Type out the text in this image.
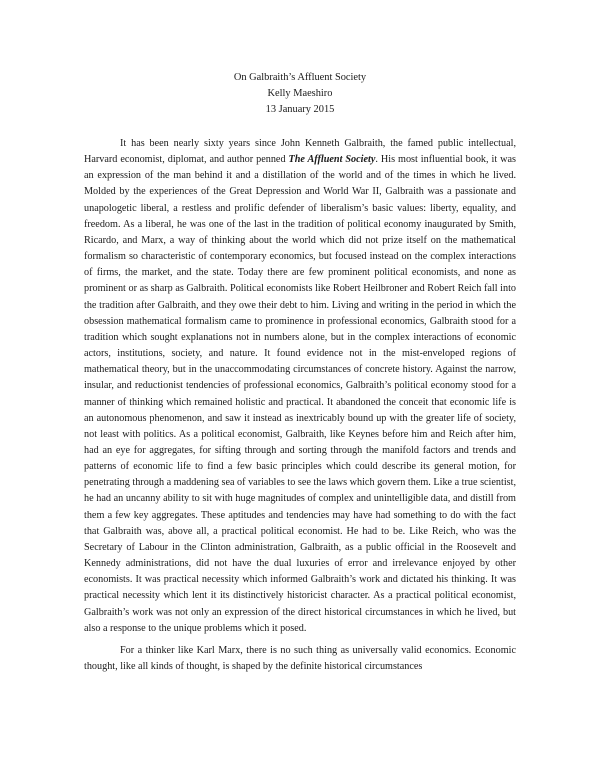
On Galbraith’s Affluent Society
Kelly Maeshiro
13 January 2015

It has been nearly sixty years since John Kenneth Galbraith, the famed public intellectual, Harvard economist, diplomat, and author penned The Affluent Society. His most influential book, it was an expression of the man behind it and a distillation of the world and of the times in which he lived. Molded by the experiences of the Great Depression and World War II, Galbraith was a passionate and unapologetic liberal, a restless and prolific defender of liberalism’s basic values: liberty, equality, and freedom. As a liberal, he was one of the last in the tradition of political economy inaugurated by Smith, Ricardo, and Marx, a way of thinking about the world which did not prize itself on the mathematical formalism so characteristic of contemporary economics, but focused instead on the complex interactions of firms, the market, and the state. Today there are few prominent political economists, and none as prominent or as sharp as Galbraith. Political economists like Robert Heilbroner and Robert Reich fall into the tradition after Galbraith, and they owe their debt to him. Living and writing in the period in which the obsession mathematical formalism came to prominence in professional economics, Galbraith stood for a tradition which sought explanations not in numbers alone, but in the complex interactions of economic actors, institutions, society, and nature. It found evidence not in the mist-enveloped regions of mathematical theory, but in the unaccommodating circumstances of concrete history. Against the narrow, insular, and reductionist tendencies of professional economics, Galbraith’s political economy stood for a manner of thinking which remained holistic and practical. It abandoned the conceit that economic life is an autonomous phenomenon, and saw it instead as inextricably bound up with the greater life of society, not least with politics. As a political economist, Galbraith, like Keynes before him and Reich after him, had an eye for aggregates, for sifting through and sorting through the manifold factors and trends and patterns of economic life to find a few basic principles which could describe its general motion, for penetrating through a maddening sea of variables to see the laws which govern them. Like a true scientist, he had an uncanny ability to sit with huge magnitudes of complex and unintelligible data, and distill from them a few key aggregates. These aptitudes and tendencies may have had something to do with the fact that Galbraith was, above all, a practical political economist. He had to be. Like Reich, who was the Secretary of Labour in the Clinton administration, Galbraith, as a public official in the Roosevelt and Kennedy administrations, did not have the dual luxuries of error and irrelevance enjoyed by other economists. It was practical necessity which informed Galbraith’s work and dictated his thinking. It was practical necessity which lent it its distinctively historicist character. As a practical political economist, Galbraith’s work was not only an expression of the direct historical circumstances in which he lived, but also a response to the unique problems which it posed.

For a thinker like Karl Marx, there is no such thing as universally valid economics. Economic thought, like all kinds of thought, is shaped by the definite historical circumstances
